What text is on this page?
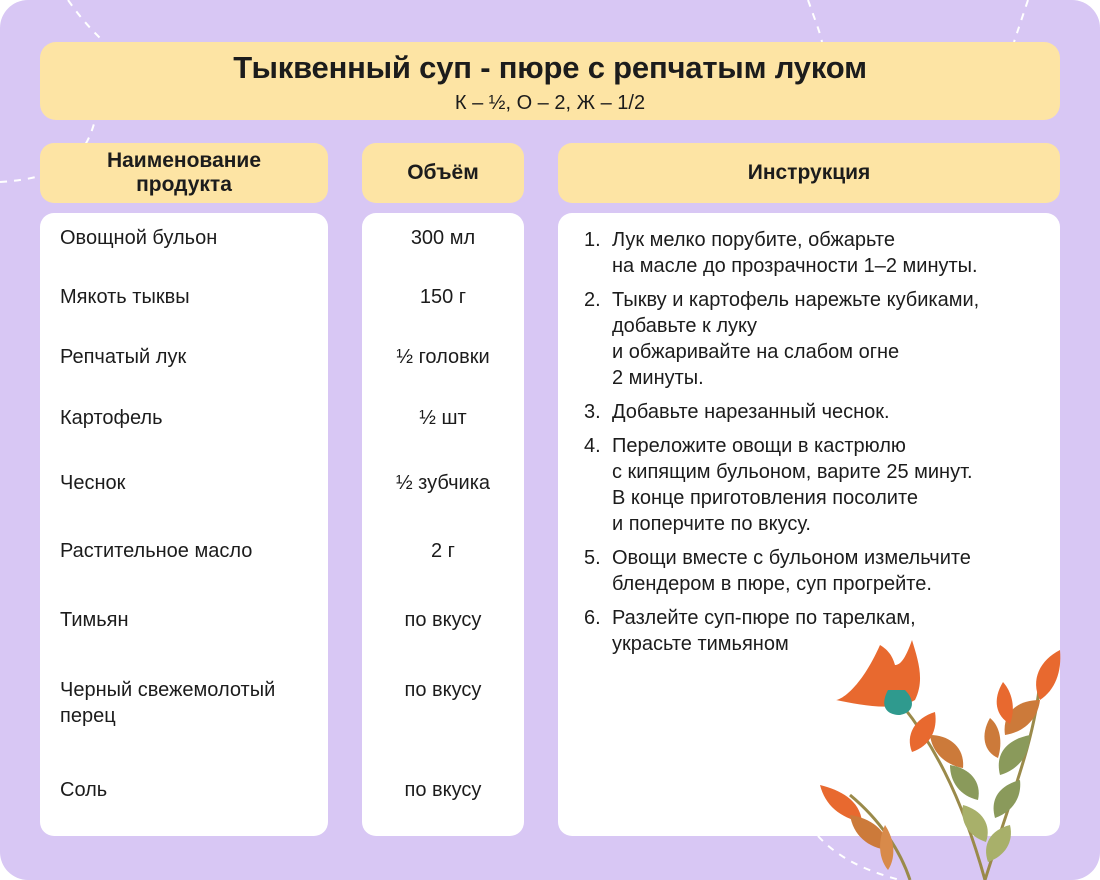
Тыквенный суп - пюре с репчатым луком
К – ½, О – 2, Ж – 1/2
Наименование продукта
Объём	Инструкция
Овощной бульон
Мякоть тыквы
Репчатый лук
Картофель
Чеснок
Растительное масло
Тимьян
Черный свежемолотый перец
Соль
300 мл
150 г
½ головки
½ шт
½ зубчика
2 г
по вкусу
по вкусу
по вкусу
1. Лук мелко порубите, обжарьте
на масле до прозрачности 1–2 минуты.
2. Тыкву и картофель нарежьте кубиками,
добавьте к луку
и обжаривайте на слабом огне
2 минуты.
3. Добавьте нарезанный чеснок.
4. Переложите овощи в кастрюлю
с кипящим бульоном, варите 25 минут.
В конце приготовления посолите
и поперчите по вкусу.
5. Овощи вместе с бульоном измельчите
блендером в пюре, суп прогрейте.
6. Разлейте суп-пюре по тарелкам,
украсьте тимьяном
